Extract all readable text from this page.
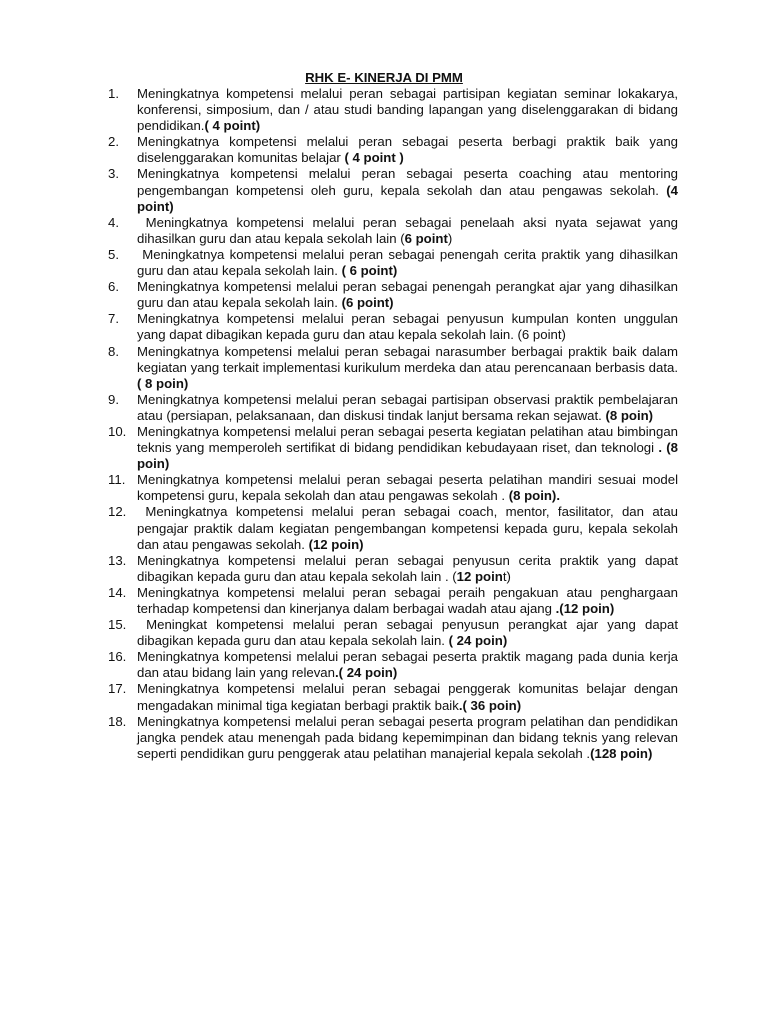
RHK E- KINERJA DI PMM
1.	Meningkatnya kompetensi melalui peran sebagai partisipan kegiatan seminar lokakarya, konferensi, simposium, dan / atau studi banding lapangan yang diselenggarakan di bidang pendidikan.( 4 point)
2.	Meningkatnya kompetensi melalui peran sebagai peserta berbagi praktik baik yang diselenggarakan komunitas belajar ( 4 point )
3.	Meningkatnya kompetensi melalui peran sebagai peserta coaching atau mentoring pengembangan kompetensi oleh guru, kepala sekolah dan atau pengawas sekolah. (4 point)
4.	Meningkatnya kompetensi melalui peran sebagai penelaah aksi nyata sejawat yang dihasilkan guru dan atau kepala sekolah lain (6 point)
5.	Meningkatnya kompetensi melalui peran sebagai penengah cerita praktik yang dihasilkan guru dan atau kepala sekolah lain. ( 6 point)
6.	Meningkatnya kompetensi melalui peran sebagai penengah perangkat ajar yang dihasilkan guru dan atau kepala sekolah lain. (6 point)
7.	Meningkatnya kompetensi melalui peran sebagai penyusun kumpulan konten unggulan yang dapat dibagikan kepada guru dan atau kepala sekolah lain. (6 point)
8.	Meningkatnya kompetensi melalui peran sebagai narasumber berbagai praktik baik dalam kegiatan yang terkait implementasi kurikulum merdeka dan atau perencanaan berbasis data.( 8 poin)
9.	Meningkatnya kompetensi melalui peran sebagai partisipan observasi praktik pembelajaran atau (persiapan, pelaksanaan, dan diskusi tindak lanjut bersama rekan sejawat. (8 poin)
10. Meningkatnya kompetensi melalui peran sebagai peserta kegiatan pelatihan atau bimbingan teknis yang memperoleh sertifikat di bidang pendidikan kebudayaan riset, dan teknologi . (8 poin)
11. Meningkatnya kompetensi melalui peran sebagai peserta pelatihan mandiri sesuai model kompetensi guru, kepala sekolah dan atau pengawas sekolah . (8 poin).
12. Meningkatnya kompetensi melalui peran sebagai coach, mentor, fasilitator, dan atau pengajar praktik dalam kegiatan pengembangan kompetensi kepada guru, kepala sekolah dan atau pengawas sekolah. (12 poin)
13. Meningkatnya kompetensi melalui peran sebagai penyusun cerita praktik yang dapat dibagikan kepada guru dan atau kepala sekolah lain . (12 point)
14. Meningkatnya kompetensi melalui peran sebagai peraih pengakuan atau penghargaan terhadap kompetensi dan kinerjanya dalam berbagai wadah atau ajang .(12 poin)
15. Meningkat kompetensi melalui peran sebagai penyusun perangkat ajar yang dapat dibagikan kepada guru dan atau kepala sekolah lain. ( 24 poin)
16. Meningkatnya kompetensi melalui peran sebagai peserta praktik magang pada dunia kerja dan atau bidang lain yang relevan.( 24 poin)
17. Meningkatnya kompetensi melalui peran sebagai penggerak komunitas belajar dengan mengadakan minimal tiga kegiatan berbagi praktik baik.( 36 poin)
18. Meningkatnya kompetensi melalui peran sebagai peserta program pelatihan dan pendidikan jangka pendek atau menengah pada bidang kepemimpinan dan bidang teknis yang relevan seperti pendidikan guru penggerak atau pelatihan manajerial kepala sekolah .(128 poin)
